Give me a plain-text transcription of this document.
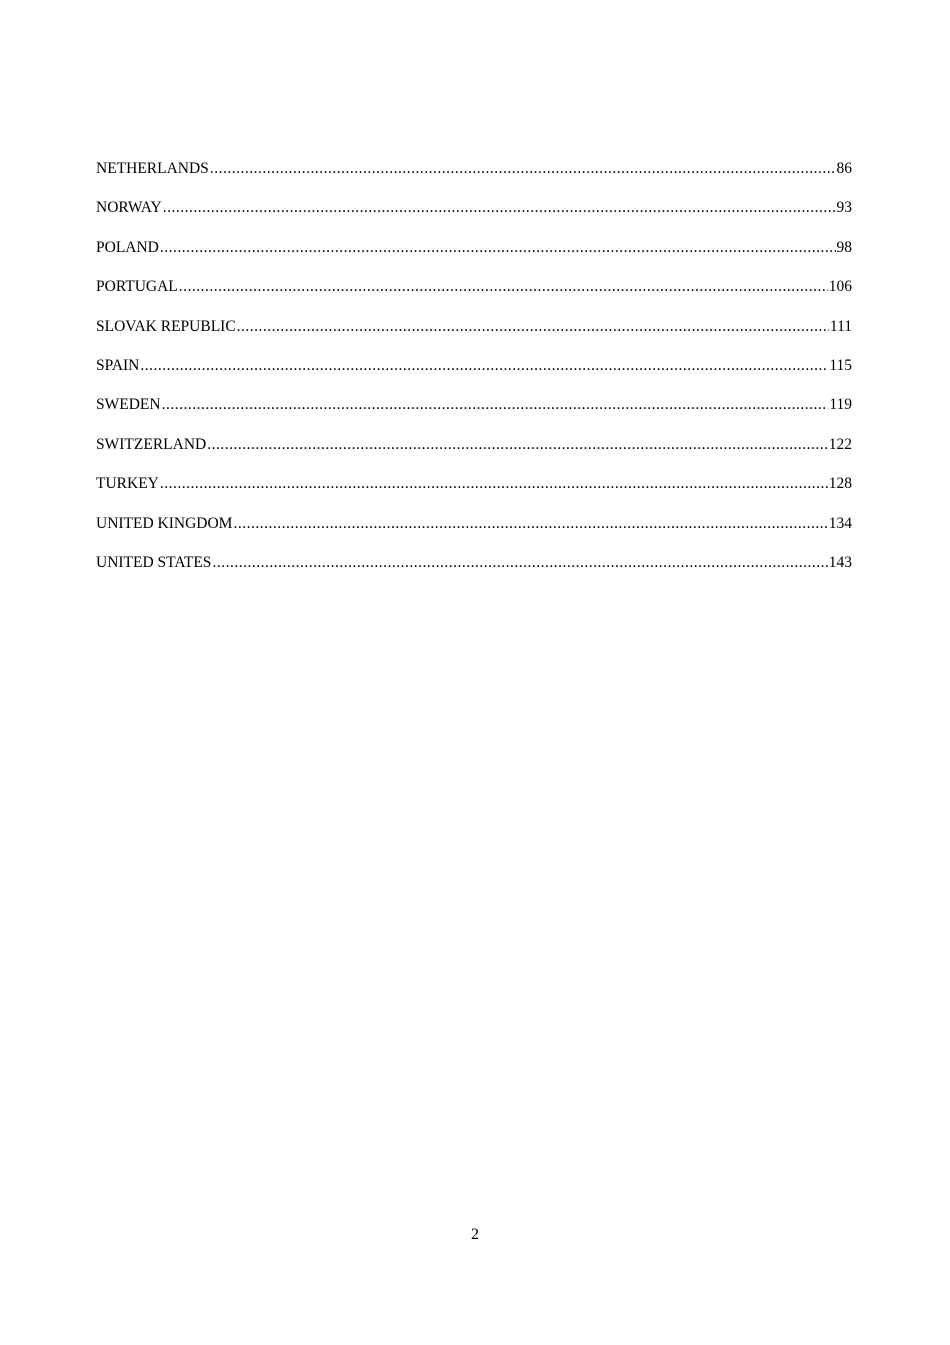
NETHERLANDS .....	86
NORWAY .....	93
POLAND .....	98
PORTUGAL .....	106
SLOVAK REPUBLIC .....	111
SPAIN .....	115
SWEDEN .....	119
SWITZERLAND .....	122
TURKEY .....	128
UNITED KINGDOM .....	134
UNITED STATES .....	143
2
